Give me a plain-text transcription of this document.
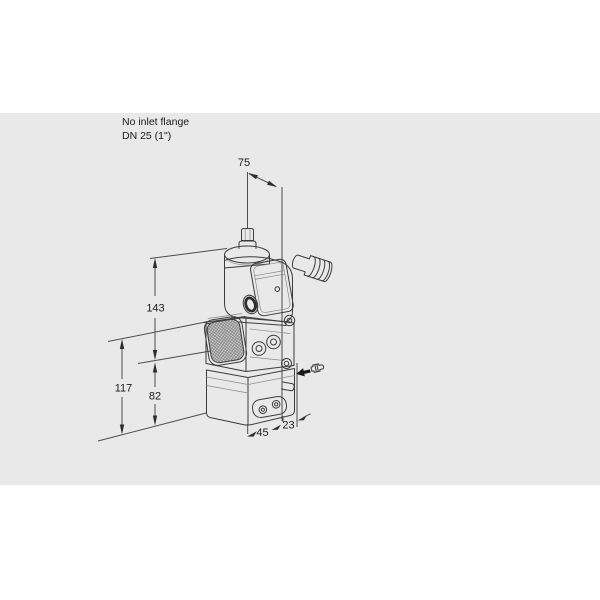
No inlet flange
DN 25 (1")
75
143
117
82
45
23
